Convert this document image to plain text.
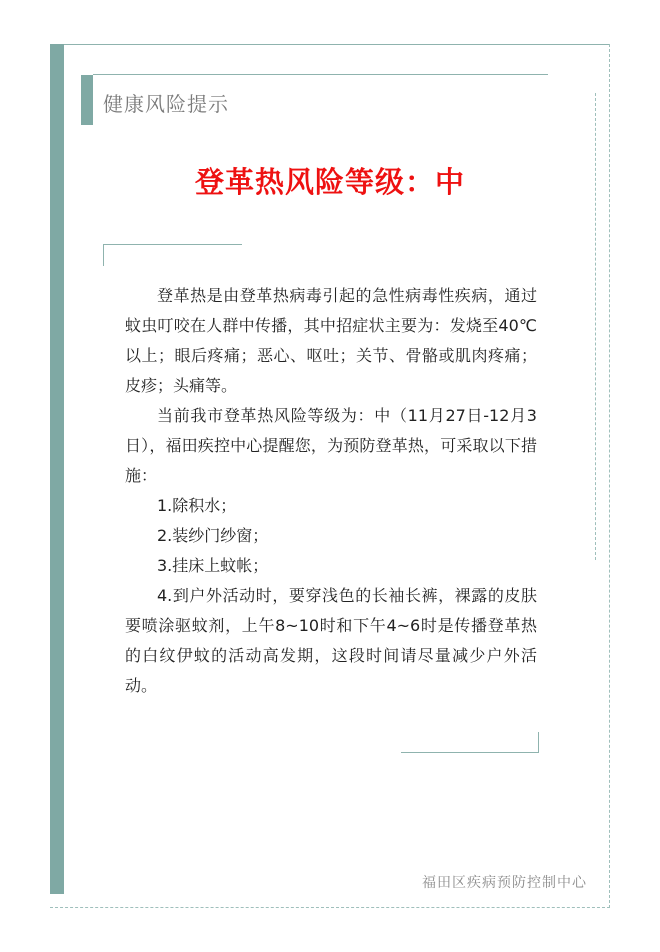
健康风险提示
登革热风险等级：中

登革热是由登革热病毒引起的急性病毒性疾病，通过蚊虫叮咬在人群中传播，其中招症状主要为：发烧至40℃以上；眼后疼痛；恶心、呕吐；关节、骨骼或肌肉疼痛；皮疹；头痛等。

当前我市登革热风险等级为：中（11月27日-12月3日），福田疾控中心提醒您，为预防登革热，可采取以下措施：

1.除积水；

2.装纱门纱窗；

3.挂床上蚊帐；

4.到户外活动时，要穿浅色的长袖长裤，裸露的皮肤要喷涂驱蚊剂，上午8~10时和下午4~6时是传播登革热的白纹伊蚊的活动高发期，这段时间请尽量减少户外活动。

福田区疾病预防控制中心
